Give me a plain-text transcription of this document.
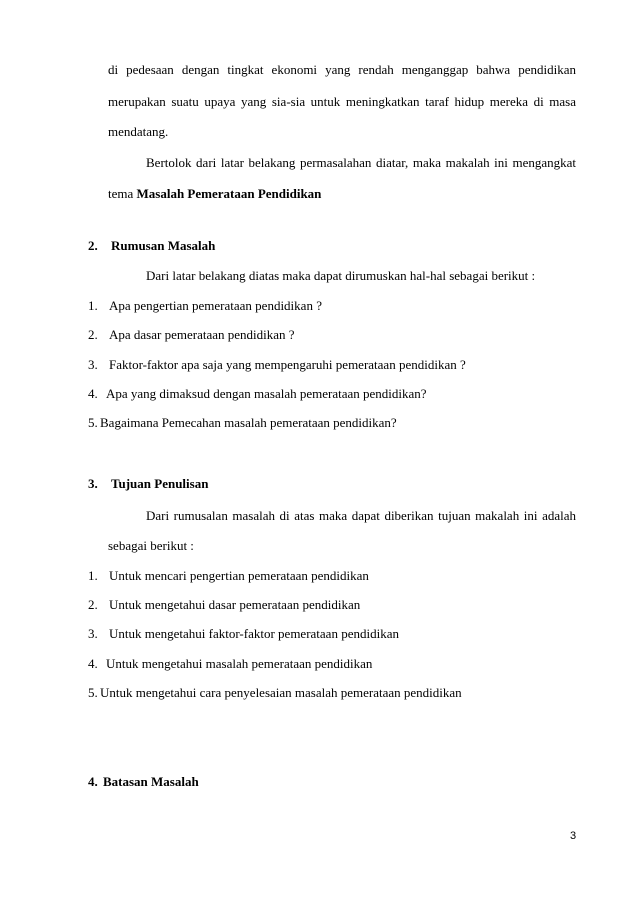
di pedesaan dengan tingkat ekonomi yang rendah menganggap bahwa pendidikan
merupakan suatu upaya yang sia-sia untuk meningkatkan taraf hidup mereka di masa
mendatang.
Bertolok dari latar belakang permasalahan diatar, maka makalah ini mengangkat
tema Masalah Pemerataan Pendidikan
2. Rumusan Masalah
Dari latar belakang diatas maka dapat dirumuskan hal-hal sebagai berikut :
1. Apa pengertian pemerataan pendidikan ?
2. Apa dasar pemerataan pendidikan ?
3. Faktor-faktor apa saja yang mempengaruhi pemerataan pendidikan ?
4. Apa yang dimaksud dengan masalah pemerataan pendidikan?
5. Bagaimana Pemecahan masalah pemerataan pendidikan?
3. Tujuan Penulisan
Dari rumusalan masalah di atas maka dapat diberikan tujuan makalah ini adalah
sebagai berikut :
1. Untuk mencari pengertian pemerataan pendidikan
2. Untuk mengetahui dasar pemerataan pendidikan
3. Untuk mengetahui faktor-faktor pemerataan pendidikan
4. Untuk mengetahui masalah pemerataan pendidikan
5. Untuk mengetahui cara penyelesaian masalah pemerataan pendidikan
4. Batasan Masalah
3
